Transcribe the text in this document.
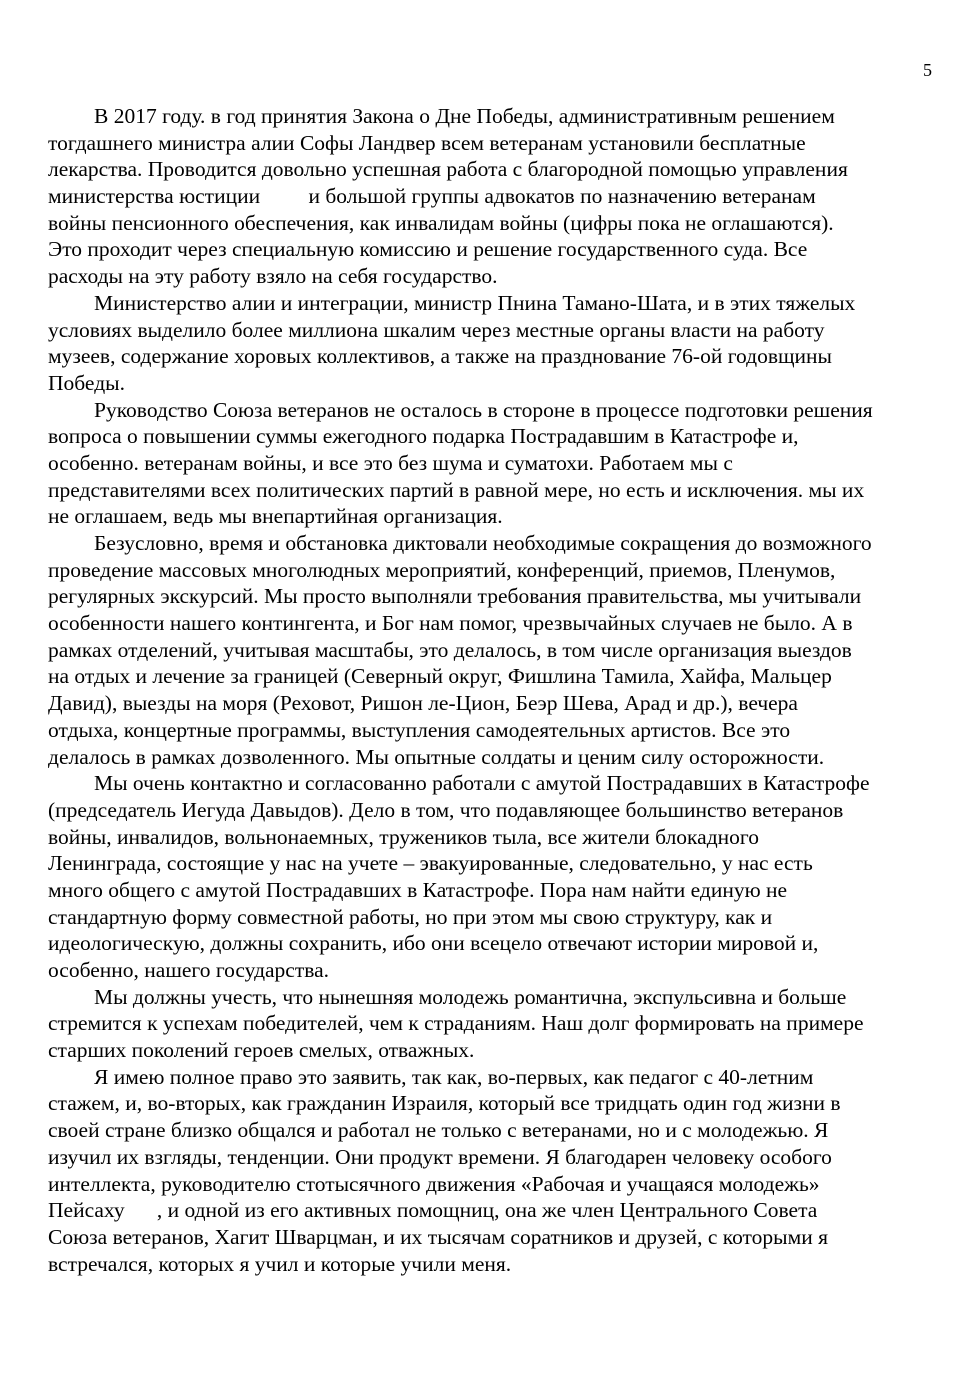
5
В 2017 году. в год принятия Закона о Дне Победы, административным решением
тогдашнего министра алии Софы Ландвер всем ветеранам установили бесплатные
лекарства. Проводится довольно успешная работа с благородной помощью управления
министерства юстиции         и большой группы адвокатов по назначению ветеранам
войны пенсионного обеспечения, как инвалидам войны (цифры пока не оглашаются).
Это проходит через специальную комиссию и решение государственного суда. Все
расходы на эту работу взяло на себя государство.
Министерство алии и интеграции, министр Пнина Тамано-Шата, и в этих тяжелых
условиях выделило более миллиона шкалим через местные органы власти на работу
музеев, содержание хоровых коллективов, а также на празднование 76-ой годовщины
Победы.
Руководство Союза ветеранов не осталось в стороне в процессе подготовки решения
вопроса о повышении суммы ежегодного подарка Пострадавшим в Катастрофе и,
особенно. ветеранам войны, и все это без шума и суматохи. Работаем мы с
представителями всех политических партий в равной мере, но есть и исключения. мы их
не оглашаем, ведь мы внепартийная организация.
Безусловно, время и обстановка диктовали необходимые сокращения до возможного
проведение массовых многолюдных мероприятий, конференций, приемов, Пленумов,
регулярных экскурсий. Мы просто выполняли требования правительства, мы учитывали
особенности нашего контингента, и Бог нам помог, чрезвычайных случаев не было. А в
рамках отделений, учитывая масштабы, это делалось, в том числе организация выездов
на отдых и лечение за границей (Северный округ, Фишлина Тамила, Хайфа, Мальцер
Давид), выезды на моря (Реховот, Ришон ле-Цион, Беэр Шева, Арад и др.), вечера
отдыха, концертные программы, выступления самодеятельных артистов. Все это
делалось в рамках дозволенного. Мы опытные солдаты и ценим силу осторожности.
Мы очень контактно и согласованно работали с амутой Пострадавших в Катастрофе
(председатель Иегуда Давыдов). Дело в том, что подавляющее большинство ветеранов
войны, инвалидов, вольнонаемных, тружеников тыла, все жители блокадного
Ленинграда, состоящие у нас на учете – эвакуированные, следовательно, у нас есть
много общего с амутой Пострадавших в Катастрофе. Пора нам найти единую не
стандартную форму совместной работы, но при этом мы свою структуру, как и
идеологическую, должны сохранить, ибо они всецело отвечают истории мировой и,
особенно, нашего государства.
Мы должны учесть, что нынешняя молодежь романтична, экспульсивна и больше
стремится к успехам победителей, чем к страданиям. Наш долг формировать на примере
старших поколений героев смелых, отважных.
Я имею полное право это заявить, так как, во-первых, как педагог с 40-летним
стажем, и, во-вторых, как гражданин Израиля, который все тридцать один год жизни в
своей стране близко общался и работал не только с ветеранами, но и с молодежью. Я
изучил их взгляды, тенденции. Они продукт времени. Я благодарен человеку особого
интеллекта, руководителю стотысячного движения «Рабочая и учащаяся молодежь»
Пейсаху      , и одной из его активных помощниц, она же член Центрального Совета
Союза ветеранов, Хагит Шварцман, и их тысячам соратников и друзей, с которыми я
встречался, которых я учил и которые учили меня.
